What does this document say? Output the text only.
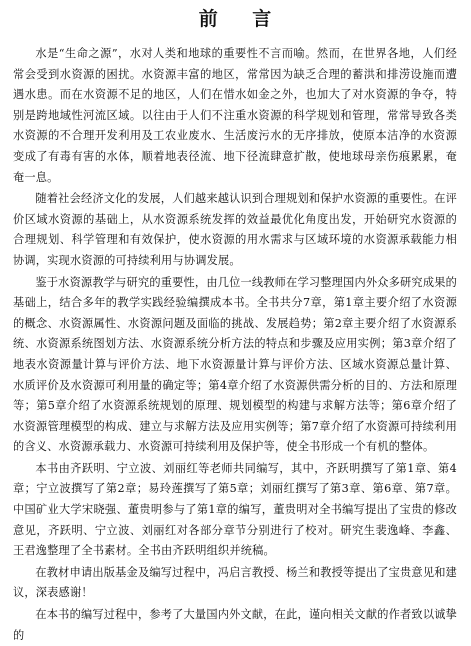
前 言

水是“生命之源”，水对人类和地球的重要性不言而喻。然而，在世界各地，人们经常会受到水资源的困扰。水资源丰富的地区，常常因为缺乏合理的蓄洪和排涝设施而遭遇水患。而在水资源不足的地区，人们在惜水如金之外，也加大了对水资源的争夺，特别是跨地域性河流区域。以往由于人们不注重水资源的科学规划和管理，常常导致各类水资源的不合理开发利用及工农业废水、生活废污水的无序排放，使原本洁净的水资源变成了有毒有害的水体，顺着地表径流、地下径流肆意扩散，使地球母亲伤痕累累，奄奄一息。

随着社会经济文化的发展，人们越来越认识到合理规划和保护水资源的重要性。在评价区域水资源的基础上，从水资源系统发挥的效益最优化角度出发，开始研究水资源的合理规划、科学管理和有效保护，使水资源的用水需求与区域环境的水资源承载能力相协调，实现水资源的可持续利用与协调发展。

鉴于水资源教学与研究的重要性，由几位一线教师在学习整理国内外众多研究成果的基础上，结合多年的教学实践经验编撰成本书。全书共分7章，第1章主要介绍了水资源的概念、水资源属性、水资源问题及面临的挑战、发展趋势；第2章主要介绍了水资源系统、水资源系统图划方法、水资源系统分析方法的特点和步骤及应用实例；第3章介绍了地表水资源量计算与评价方法、地下水资源量计算与评价方法、区域水资源总量计算、水质评价及水资源可利用量的确定等；第4章介绍了水资源供需分析的目的、方法和原理等；第5章介绍了水资源系统规划的原理、规划模型的构建与求解方法等；第6章介绍了水资源管理模型的构成、建立与求解方法及应用实例等；第7章介绍了水资源可持续利用的含义、水资源承载力、水资源可持续利用及保护等，使全书形成一个有机的整体。

本书由齐跃明、宁立波、刘丽红等老师共同编写，其中，齐跃明撰写了第1章、第4章；宁立波撰写了第2章；易玲莲撰写了第5章；刘丽红撰写了第3章、第6章、第7章。中国矿业大学宋晓强、董贵明参与了第1章的编写，董贵明对全书编写提出了宝贵的修改意见，齐跃明、宁立波、刘丽红对各部分章节分别进行了校对。研究生裴逸峰、李鑫、王君逸整理了全书素材。全书由齐跃明组织并统稿。

在教材申请出版基金及编写过程中，冯启言教授、杨兰和教授等提出了宝贵意见和建议，深表感谢！

在本书的编写过程中，参考了大量国内外文献，在此，谨向相关文献的作者致以诚挚的
